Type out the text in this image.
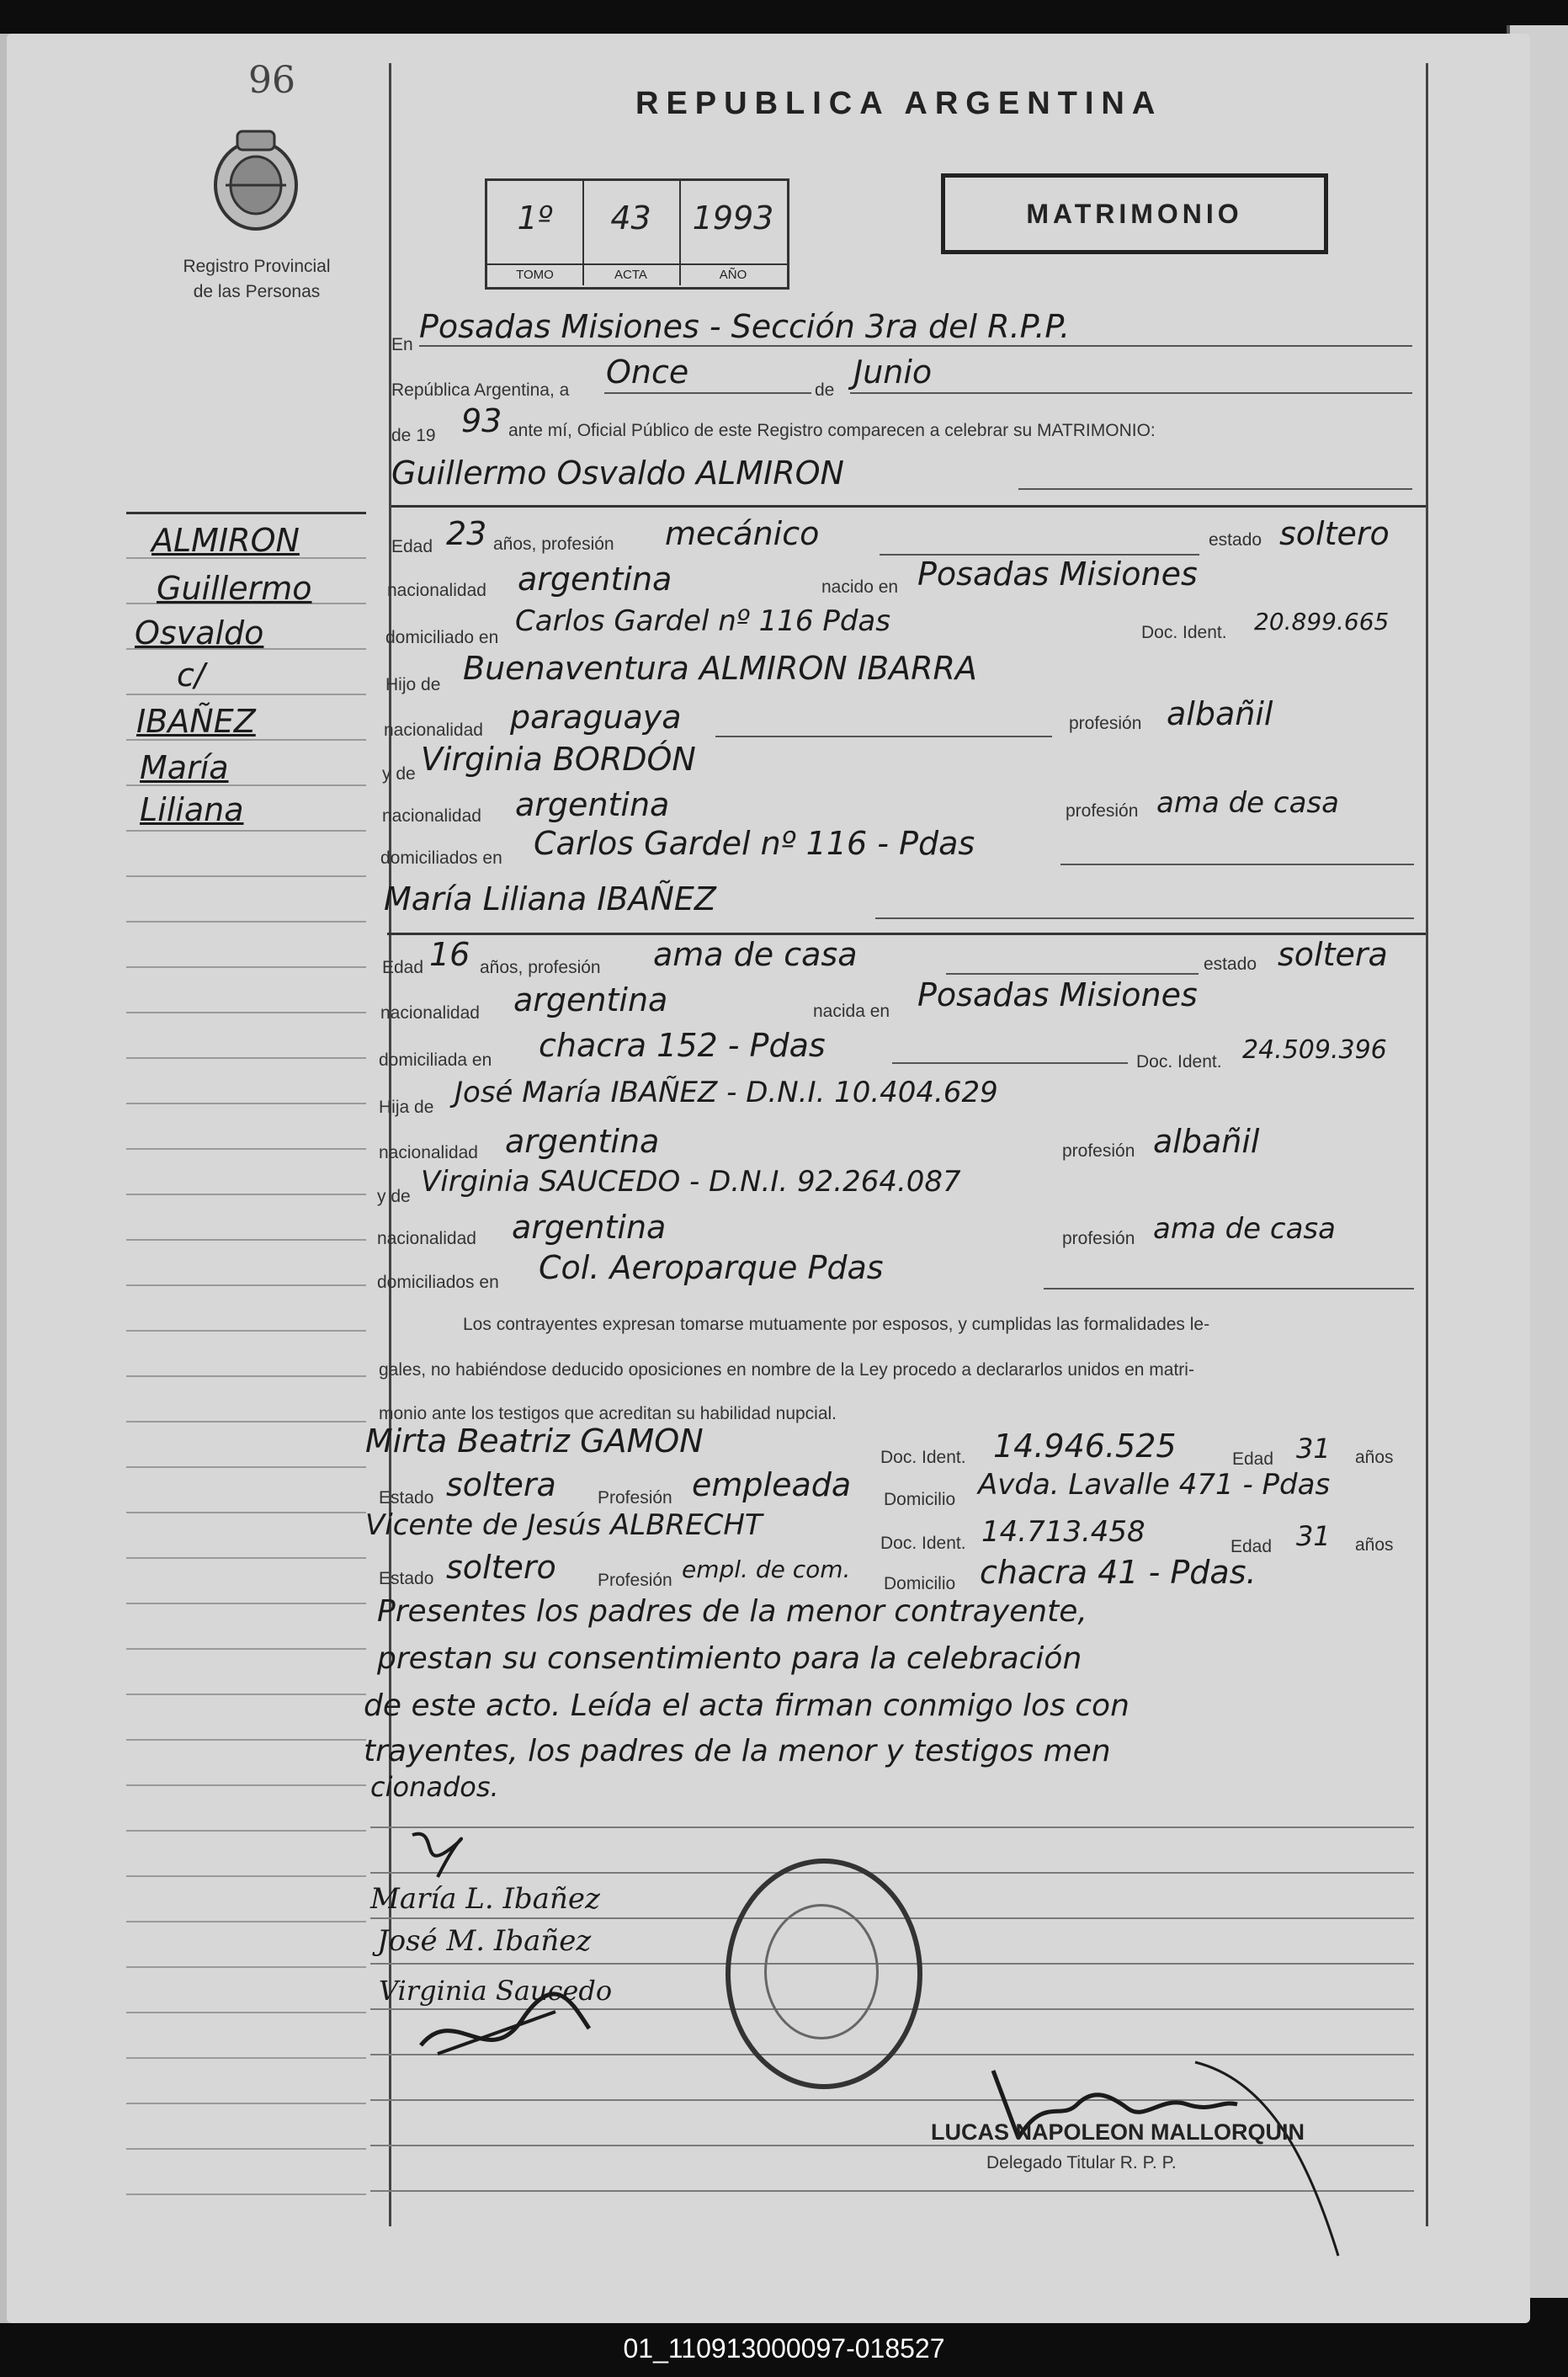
96
Registro Provincial
de las Personas
REPUBLICA ARGENTINA
MATRIMONIO
1º
TOMO
43
ACTA
1993
AÑO
ALMIRON
Guillermo
Osvaldo
c/
IBAÑEZ
María
Liliana
En Posadas Misiones - Sección 3ra del R.P.P.
República Argentina, a Once	de Junio
de 19 93 ante mí, Oficial Público de este Registro comparecen a celebrar su MATRIMONIO:
Guillermo Osvaldo ALMIRON
Edad 23 años, profesión mecánico	estado soltero
nacionalidad argentina	nacido en Posadas Misiones
domiciliado en Carlos Gardel nº 116 Pdas	Doc. Ident. 20.899.665
Hijo de Buenaventura ALMIRON IBARRA
nacionalidad paraguaya	profesión albañil
y de Virginia BORDÓN
nacionalidad argentina	profesión ama de casa
domiciliados en Carlos Gardel nº 116 - Pdas
María Liliana IBAÑEZ
Edad 16 años, profesión ama de casa	estado soltera
nacionalidad argentina	nacida en Posadas Misiones
domiciliada en chacra 152 - Pdas	Doc. Ident. 24.509.396
Hija de José María IBAÑEZ - D.N.I. 10.404.629
nacionalidad argentina	profesión albañil
y de Virginia SAUCEDO - D.N.I. 92.264.087
nacionalidad argentina	profesión ama de casa
domiciliados en Col. Aeroparque Pdas
Los contrayentes expresan tomarse mutuamente por esposos, y cumplidas las formalidades le-
gales, no habiéndose deducido oposiciones en nombre de la Ley procedo a declararlos unidos en matri-
monio ante los testigos que acreditan su habilidad nupcial.
Mirta Beatriz GAMON	Doc. Ident. 14.946.525	Edad 31 años
Estado soltera Profesión empleada Domicilio Avda. Lavalle 471 - Pdas
Vicente de Jesús ALBRECHT
Doc. Ident. 14.713.458	Edad 31 años
Estado soltero Profesión empl. de com.
Domicilio chacra 41 - Pdas.
Presentes los padres de la menor contrayente,
prestan su consentimiento para la celebración
de este acto. Leída el acta firman conmigo los con
trayentes, los padres de la menor y testigos men
cionados.
María L. Ibañez
José M. Ibañez
Virginia Saucedo
LUCAS NAPOLEON MALLORQUIN
Delegado Titular R. P. P.
01_110913000097-018527
